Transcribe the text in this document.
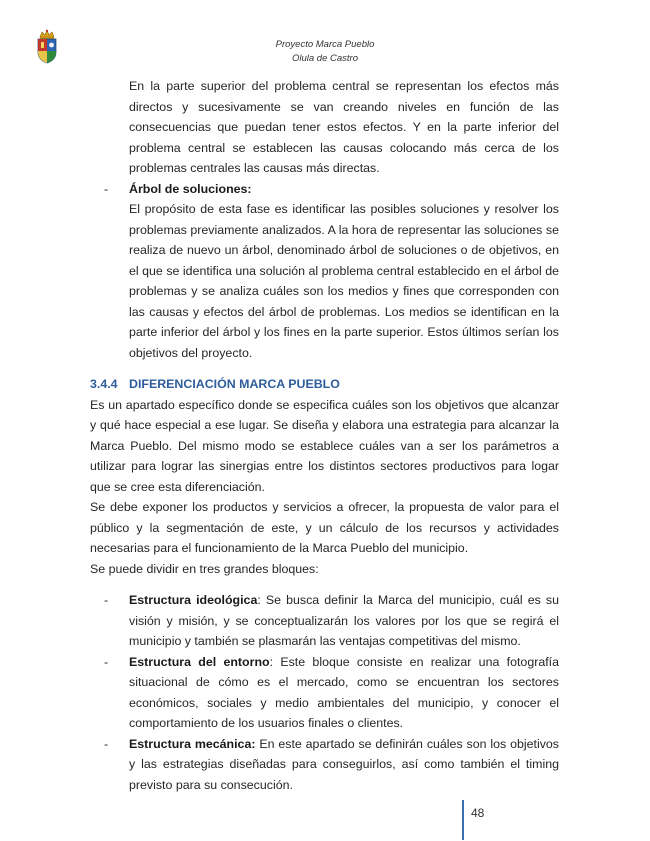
Proyecto Marca Pueblo
Olula de Castro

En la parte superior del problema central se representan los efectos más directos y sucesivamente se van creando niveles en función de las consecuencias que puedan tener estos efectos. Y en la parte inferior del problema central se establecen las causas colocando más cerca de los problemas centrales las causas más directas.

- Árbol de soluciones:

El propósito de esta fase es identificar las posibles soluciones y resolver los problemas previamente analizados. A la hora de representar las soluciones se realiza de nuevo un árbol, denominado árbol de soluciones o de objetivos, en el que se identifica una solución al problema central establecido en el árbol de problemas y se analiza cuáles son los medios y fines que corresponden con las causas y efectos del árbol de problemas. Los medios se identifican en la parte inferior del árbol y los fines en la parte superior. Estos últimos serían los objetivos del proyecto.

3.4.4 DIFERENCIACIÓN MARCA PUEBLO

Es un apartado específico donde se especifica cuáles son los objetivos que alcanzar y qué hace especial a ese lugar. Se diseña y elabora una estrategia para alcanzar la Marca Pueblo. Del mismo modo se establece cuáles van a ser los parámetros a utilizar para lograr las sinergias entre los distintos sectores productivos para logar que se cree esta diferenciación.

Se debe exponer los productos y servicios a ofrecer, la propuesta de valor para el público y la segmentación de este, y un cálculo de los recursos y actividades necesarias para el funcionamiento de la Marca Pueblo del municipio.

Se puede dividir en tres grandes bloques:

- Estructura ideológica: Se busca definir la Marca del municipio, cuál es su visión y misión, y se conceptualizarán los valores por los que se regirá el municipio y también se plasmarán las ventajas competitivas del mismo.

- Estructura del entorno: Este bloque consiste en realizar una fotografía situacional de cómo es el mercado, como se encuentran los sectores económicos, sociales y medio ambientales del municipio, y conocer el comportamiento de los usuarios finales o clientes.

- Estructura mecánica: En este apartado se definirán cuáles son los objetivos y las estrategias diseñadas para conseguirlos, así como también el timing previsto para su consecución.

48
